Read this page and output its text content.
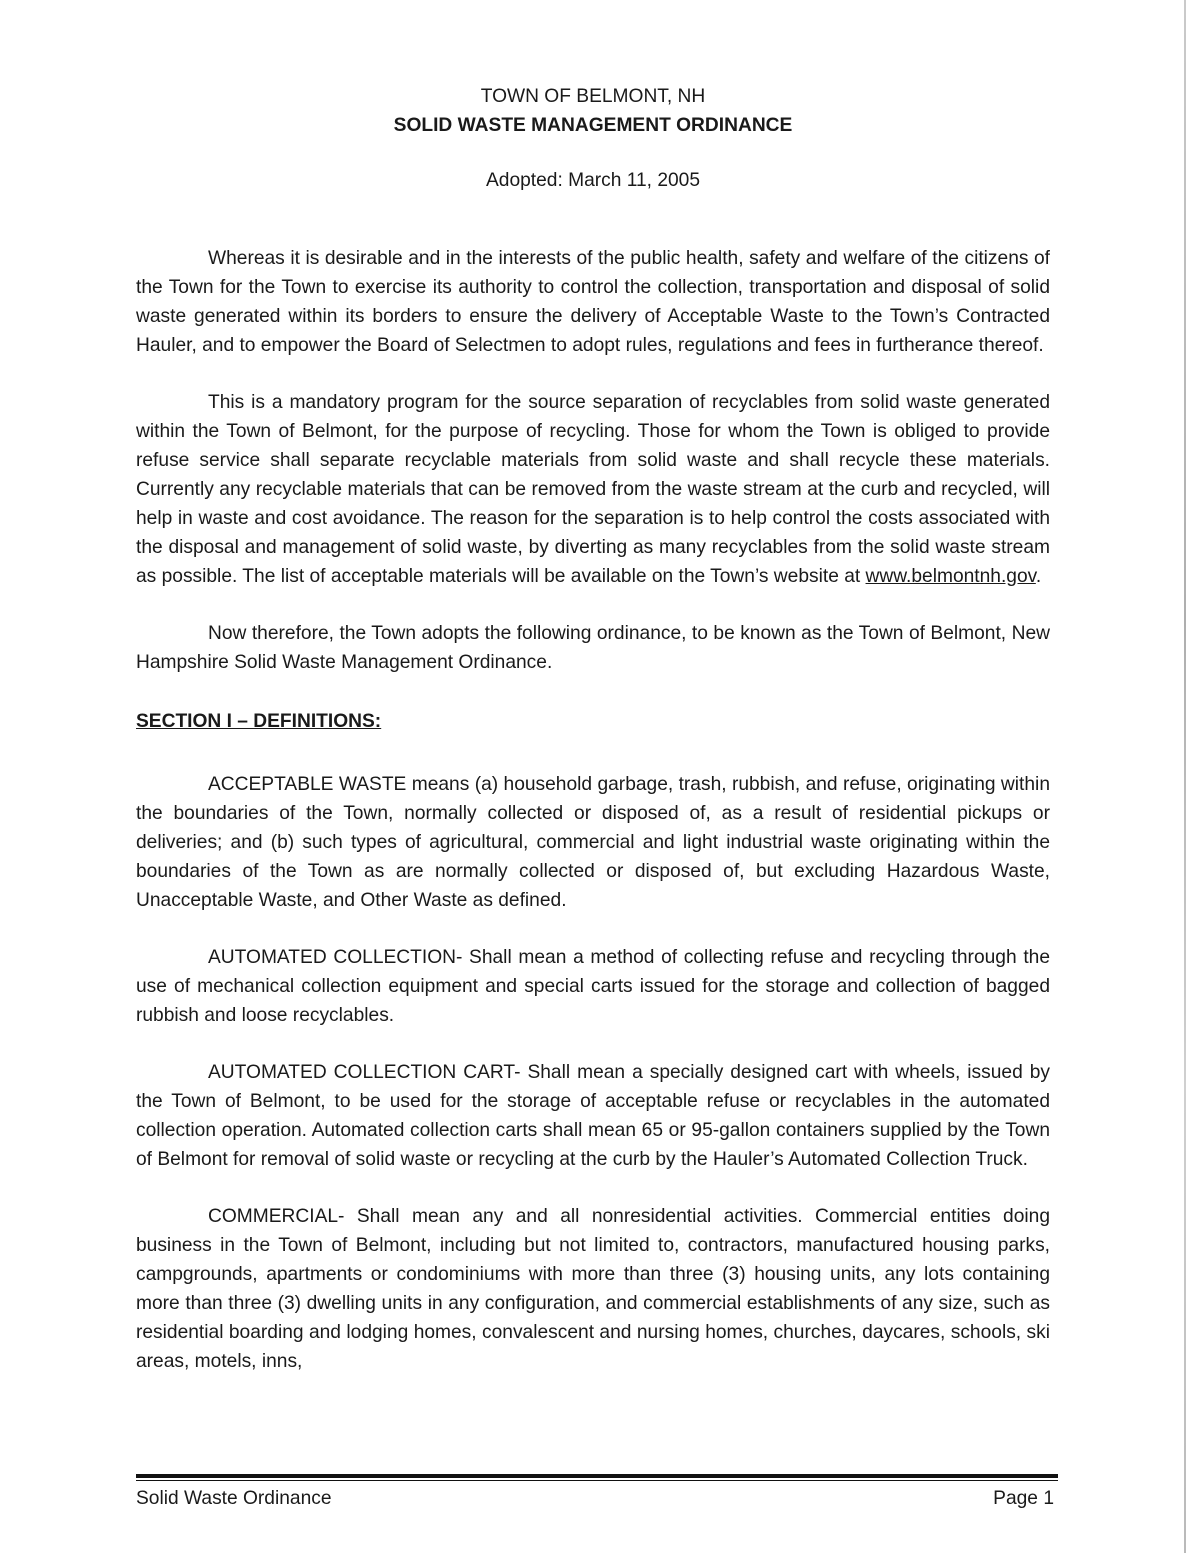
TOWN OF BELMONT, NH
SOLID WASTE MANAGEMENT ORDINANCE
Adopted: March 11, 2005

Whereas it is desirable and in the interests of the public health, safety and welfare of the citizens of the Town for the Town to exercise its authority to control the collection, transportation and disposal of solid waste generated within its borders to ensure the delivery of Acceptable Waste to the Town’s Contracted Hauler, and to empower the Board of Selectmen to adopt rules, regulations and fees in furtherance thereof.

This is a mandatory program for the source separation of recyclables from solid waste generated within the Town of Belmont, for the purpose of recycling. Those for whom the Town is obliged to provide refuse service shall separate recyclable materials from solid waste and shall recycle these materials. Currently any recyclable materials that can be removed from the waste stream at the curb and recycled, will help in waste and cost avoidance. The reason for the separation is to help control the costs associated with the disposal and management of solid waste, by diverting as many recyclables from the solid waste stream as possible. The list of acceptable materials will be available on the Town’s website at www.belmontnh.gov.

Now therefore, the Town adopts the following ordinance, to be known as the Town of Belmont, New Hampshire Solid Waste Management Ordinance.

SECTION I – DEFINITIONS:

ACCEPTABLE WASTE means (a) household garbage, trash, rubbish, and refuse, originating within the boundaries of the Town, normally collected or disposed of, as a result of residential pickups or deliveries; and (b) such types of agricultural, commercial and light industrial waste originating within the boundaries of the Town as are normally collected or disposed of, but excluding Hazardous Waste, Unacceptable Waste, and Other Waste as defined.

AUTOMATED COLLECTION- Shall mean a method of collecting refuse and recycling through the use of mechanical collection equipment and special carts issued for the storage and collection of bagged rubbish and loose recyclables.

AUTOMATED COLLECTION CART- Shall mean a specially designed cart with wheels, issued by the Town of Belmont, to be used for the storage of acceptable refuse or recyclables in the automated collection operation. Automated collection carts shall mean 65 or 95-gallon containers supplied by the Town of Belmont for removal of solid waste or recycling at the curb by the Hauler’s Automated Collection Truck.

COMMERCIAL- Shall mean any and all nonresidential activities. Commercial entities doing business in the Town of Belmont, including but not limited to, contractors, manufactured housing parks, campgrounds, apartments or condominiums with more than three (3) housing units, any lots containing more than three (3) dwelling units in any configuration, and commercial establishments of any size, such as residential boarding and lodging homes, convalescent and nursing homes, churches, daycares, schools, ski areas, motels, inns,

Solid Waste Ordinance	Page 1
